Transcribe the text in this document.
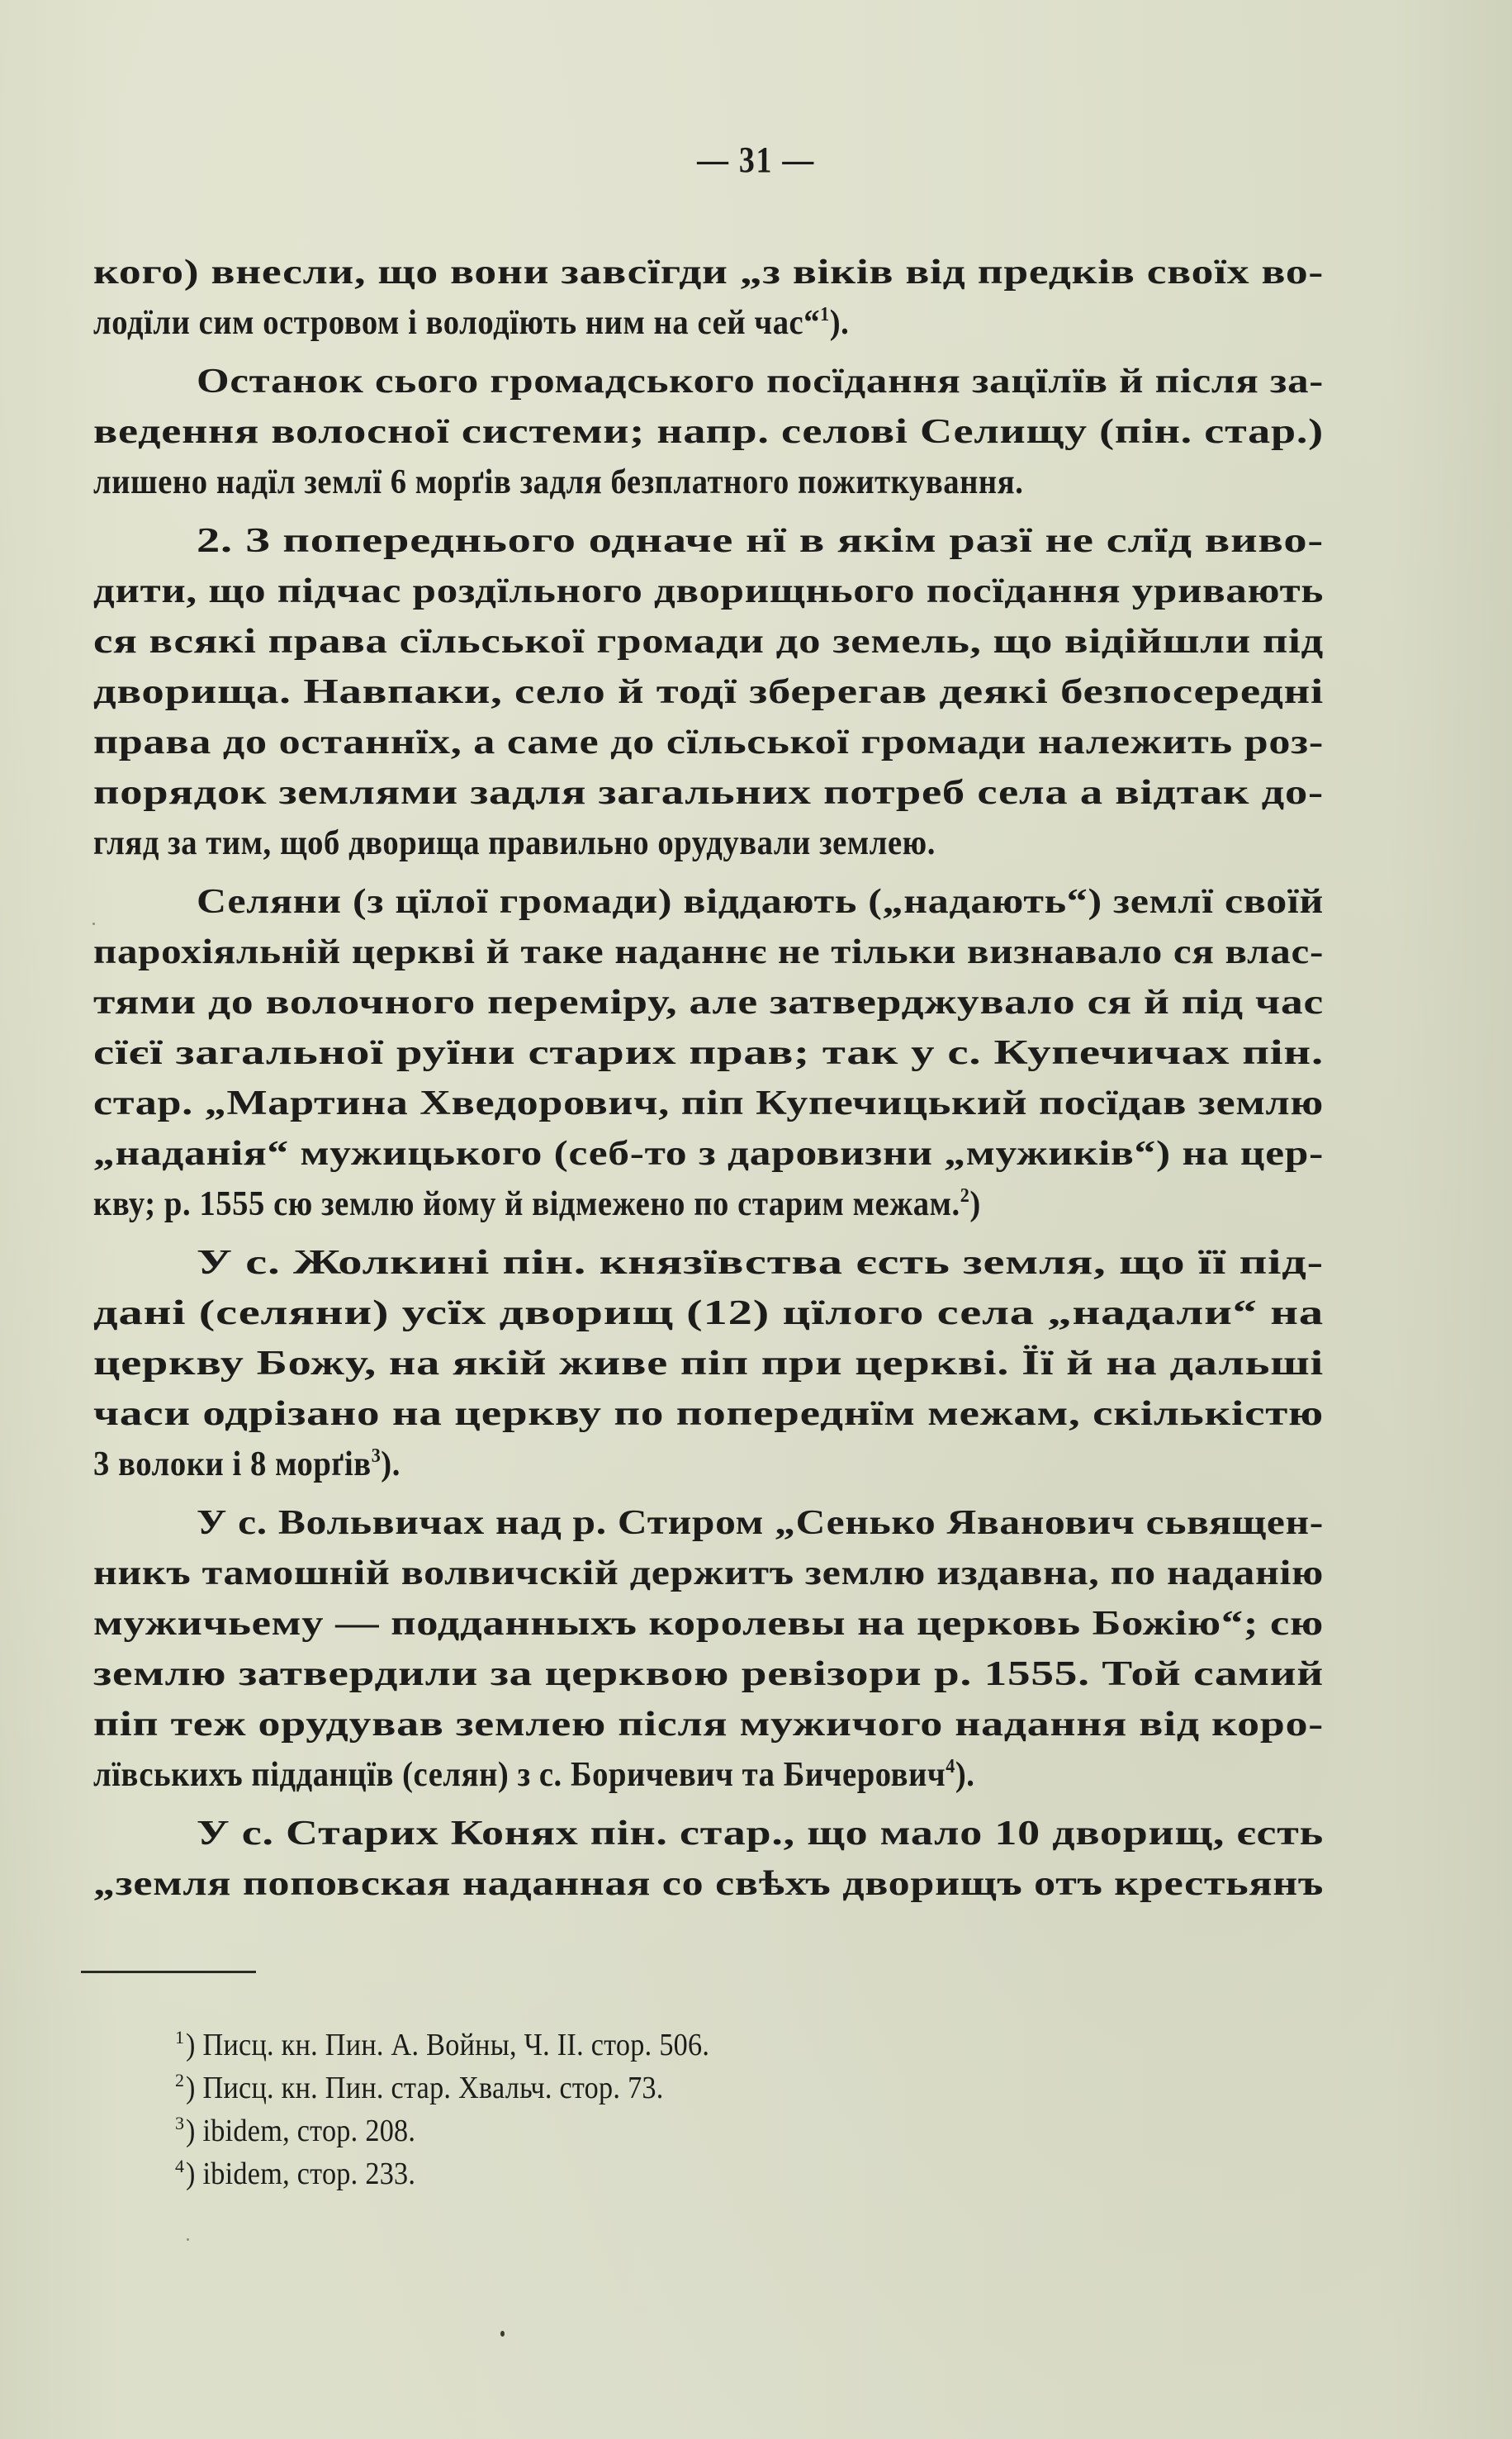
— 31 —
кого) внесли, що вони завсїгди „з віків від предків своїх во-
лодїли сим островом і володїють ним на сей час“$^1$).
Останок сього громадського посїдання зацїлїв й після за-
ведення волосної системи; напр. селові Селищу (пін. стар.)
лишено надїл землї 6 морґів задля безплатного пожиткування.
2. З попереднього одначе нї в якім разї не слїд виво-
дити, що підчас роздїльного дворищнього посїдання уривають
ся всякі права сїльської громади до земель, що відійшли під
дворища. Навпаки, село й тодї зберегав деякі безпосередні
права до останнїх, а саме до сїльської громади належить роз-
порядок землями задля загальних потреб села а відтак до-
гляд за тим, щоб дворища правильно орудували землею.
Селяни (з цїлої громади) віддають („надають“) землї своїй
парохіяльній церкві й таке наданнє не тільки визнавало ся влас-
тями до волочного переміру, але затверджувало ся й під час
сїєї загальної руїни старих прав; так у с. Купечичах пін.
стар. „Мартина Хведорович, піп Купечицький посїдав землю
„наданія“ мужицького (себ-то з даровизни „мужиків“) на цер-
кву; р. 1555 сю землю йому й відмежено по старим межам.$^2$)
У с. Жолкині пін. князївства єсть земля, що її під-
дані (селяни) усїх дворищ (12) цїлого села „надали“ на
церкву Божу, на якій живе піп при церкві. Її й на дальші
часи одрізано на церкву по попереднїм межам, скількістю
3 волоки і 8 морґів$^3$).
У с. Вольвичах над р. Стиром „Сенько Яванович сьвящен-
никъ тамошній волвичскій держитъ землю издавна, по наданію
мужичьему — подданныхъ королевы на церковь Божію“; сю
землю затвердили за церквою ревізори р. 1555. Той самий
піп теж орудував землею після мужичого надання від коро-
лївськихъ підданцїв (селян) з с. Боричевич та Бичерович$^4$).
У с. Старих Конях пін. стар., що мало 10 дворищ, єсть
„земля поповская наданная со свѣхъ дворищъ отъ крестьянъ
$^1$) Писц. кн. Пин. А. Войны, Ч. II. стор. 506.
$^2$) Писц. кн. Пин. стар. Хвальч. стор. 73.
$^3$) ibidem, стор. 208.
$^4$) ibidem, стор. 233.
